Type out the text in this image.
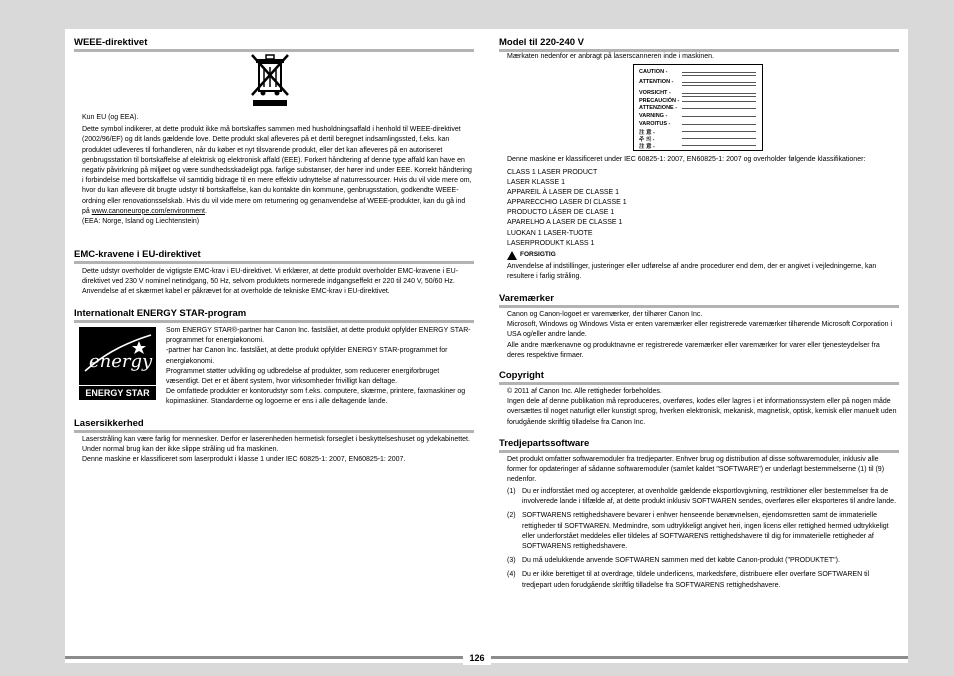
WEEE-direktivet

Kun EU (og EEA).

Dette symbol indikerer, at dette produkt ikke må bortskaffes sammen med husholdningsaffald i henhold til WEEE-direktivet (2002/96/EF) og dit lands gældende love. Dette produkt skal afleveres på et dertil beregnet indsamlingssted, f.eks. kan produktet udleveres til forhandleren, når du køber et nyt tilsvarende produkt, eller det kan afleveres på en autoriseret genbrugsstation til bortskaffelse af elektrisk og elektronisk affald (EEE). Forkert håndtering af denne type affald kan have en negativ påvirkning på miljøet og være sundhedsskadeligt pga. farlige substanser, der hører ind under EEE. Korrekt håndtering i forbindelse med bortskaffelse vil samtidig bidrage til en mere effektiv udnyttelse af naturressourcer. Hvis du vil vide mere om, hvor du kan aflevere dit brugte udstyr til bortskaffelse, kan du kontakte din kommune, genbrugsstation, godkendte WEEE-ordning eller renovationsselskab. Hvis du vil vide mere om returnering og genanvendelse af WEEE-produkter, kan du gå ind på www.canoneurope.com/environment.

(EEA: Norge, Island og Liechtenstein)

EMC-kravene i EU-direktivet

Dette udstyr overholder de vigtigste EMC-krav i EU-direktivet. Vi erklærer, at dette produkt overholder EMC-kravene i EU-direktivet ved 230 V nominel netindgang, 50 Hz, selvom produktets normerede indgangseffekt er 220 til 240 V, 50/60 Hz. Anvendelse af et skærmet kabel er påkrævet for at overholde de tekniske EMC-krav i EU-direktivet.

Internationalt ENERGY STAR-program
energy
ENERGY STAR

Som ENERGY STAR®-partner har Canon Inc. fastslået, at dette produkt opfylder ENERGY STAR-programmet for energiøkonomi.

-partner har Canon Inc. fastslået, at dette produkt opfylder ENERGY STAR-programmet for energiøkonomi.

Programmet støtter udvikling og udbredelse af produkter, som reducerer energiforbruget væsentligt. Det er et åbent system, hvor virksomheder frivilligt kan deltage.

De omfattede produkter er kontorudstyr som f.eks. computere, skærme, printere, faxmaskiner og kopimaskiner. Standarderne og logoerne er ens i alle deltagende lande.

Lasersikkerhed

Laserstråling kan være farlig for mennesker. Derfor er laserenheden hermetisk forseglet i beskyttelseshuset og ydekabinettet. Under normal brug kan der ikke slippe stråling ud fra maskinen.

Denne maskine er klassificeret som laserprodukt i klasse 1 under IEC 60825-1: 2007, EN60825-1: 2007.

Model til 220-240 V

Mærkaten nedenfor er anbragt på laserscanneren inde i maskinen.

CAUTION -
ATTENTION -
VORSICHT -
PRECAUCIÓN -
ATTENZIONE -
VARNING -
VAROITUS -
注 意 -
주 의 -
注 意 -

Denne maskine er klassificeret under IEC 60825-1: 2007, EN60825-1: 2007 og overholder følgende klassifikationer:

CLASS 1 LASER PRODUCT

LASER KLASSE 1

APPAREIL À LASER DE CLASSE 1

APPARECCHIO LASER DI CLASSE 1

PRODUCTO LÁSER DE CLASE 1

APARELHO A LASER DE CLASSE 1

LUOKAN 1 LASER-TUOTE

LASERPRODUKT KLASS 1

FORSIGTIG

Anvendelse af indstillinger, justeringer eller udførelse af andre procedurer end dem, der er angivet i vejledningerne, kan resultere i farlig stråling.

Varemærker

Canon og Canon-logoet er varemærker, der tilhører Canon Inc.

Microsoft, Windows og Windows Vista er enten varemærker eller registrerede varemærker tilhørende Microsoft Corporation i USA og/eller andre lande.

Alle andre mærkenavne og produktnavne er registrerede varemærker eller varemærker for varer eller tjenesteydelser fra deres respektive firmaer.

Copyright

© 2011 af Canon Inc. Alle rettigheder forbeholdes.

Ingen dele af denne publikation må reproduceres, overføres, kodes eller lagres i et informationssystem eller på nogen måde oversættes til noget naturligt eller kunstigt sprog, hverken elektronisk, mekanisk, magnetisk, optisk, kemisk eller manuelt uden forudgående skriftlig tilladelse fra Canon Inc.

Tredjepartssoftware

Det produkt omfatter softwaremoduler fra tredjeparter. Enhver brug og distribution af disse softwaremoduler, inklusiv alle former for opdateringer af sådanne softwaremoduler (samlet kaldet "SOFTWARE") er underlagt bestemmelserne (1) til (9) nedenfor.

(1) Du er indforstået med og accepterer, at ovenholde gældende eksportlovgivning, restriktioner eller bestemmelser fra de involverede lande i tilfælde af, at dette produkt inklusiv SOFTWAREN sendes, overføres eller eksporteres til andre lande.
(2) SOFTWARENS rettighedshavere bevarer i enhver henseende benævnelsen, ejendomsretten samt de immaterielle rettigheder til SOFTWAREN. Medmindre, som udtrykkeligt angivet heri, ingen licens eller rettighed hermed udtrykkeligt eller underforstået meddeles eller tildeles af SOFTWARENS rettighedshavere til dig for immaterielle rettigheder af SOFTWARENS rettighedshavere.
(3) Du må udelukkende anvende SOFTWAREN sammen med det købte Canon-produkt ("PRODUKTET").
(4) Du er ikke berettiget til at overdrage, tildele underlicens, markedsføre, distribuere eller overføre SOFTWAREN til tredjepart uden forudgående skriftlig tilladelse fra SOFTWARENS rettighedshavere.
126
